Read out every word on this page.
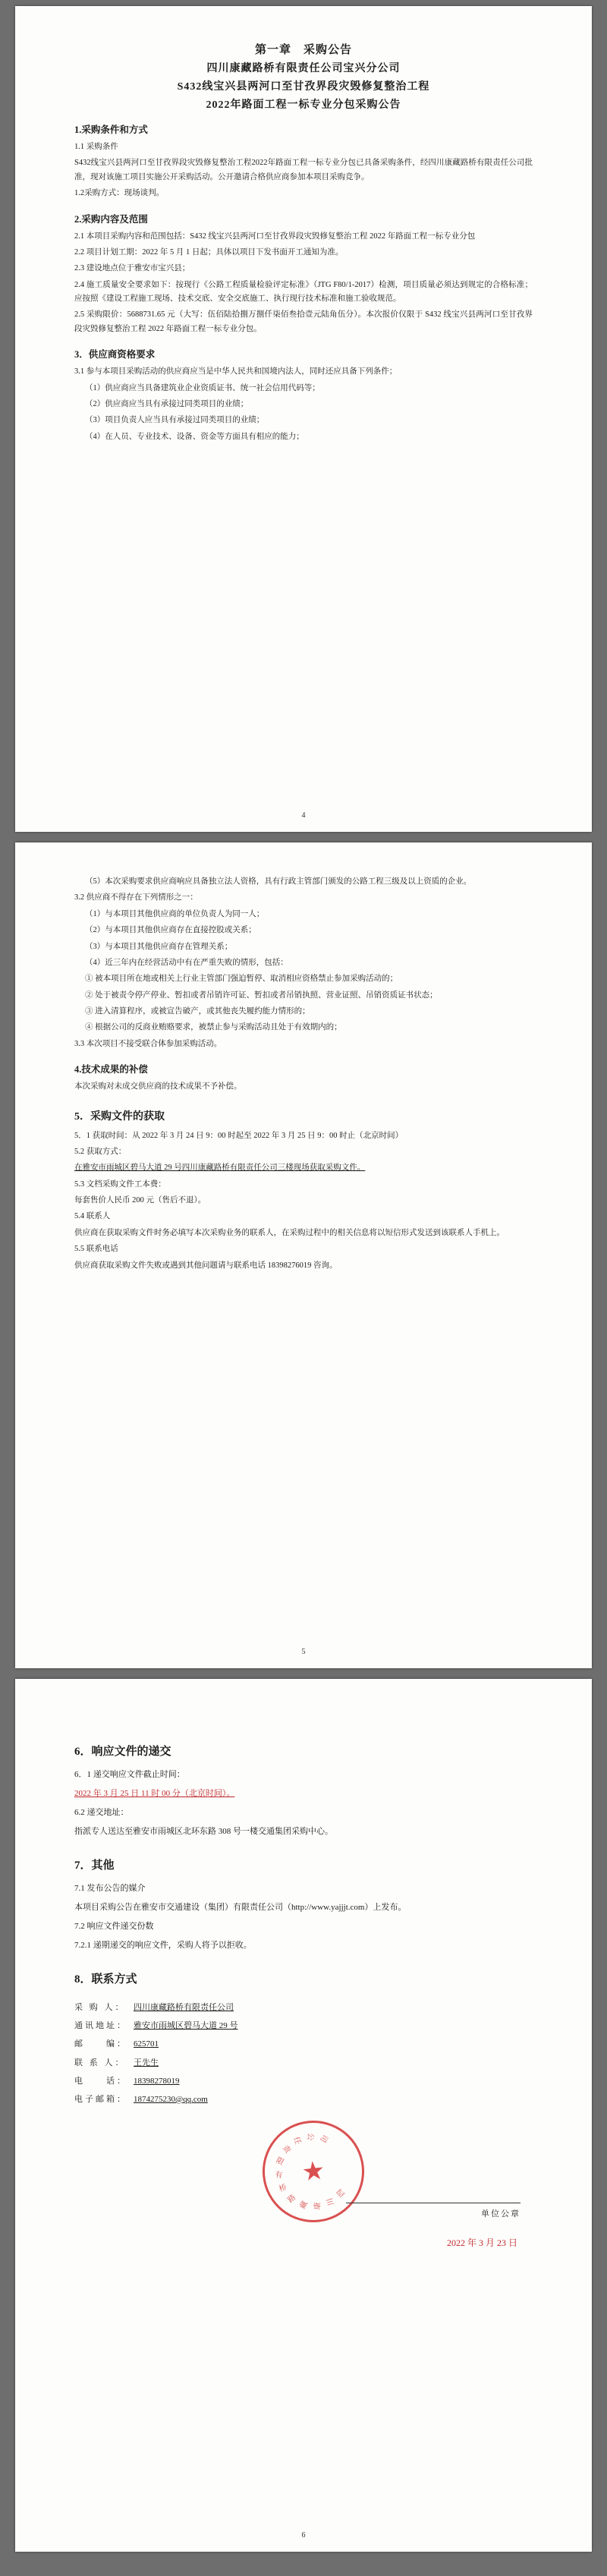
第一章　采购公告
四川康藏路桥有限责任公司宝兴分公司
S432线宝兴县两河口至甘孜界段灾毁修复整治工程
2022年路面工程一标专业分包采购公告
1.采购条件和方式

1.1 采购条件

S432线宝兴县两河口至甘孜界段灾毁修复整治工程2022年路面工程一标专业分包已具备采购条件，经四川康藏路桥有限责任公司批准，现对该施工项目实施公开采购活动。公开邀请合格供应商参加本项目采购竞争。

1.2采购方式：现场谈判。

2.采购内容及范围

2.1 本项目采购内容和范围包括：S432 线宝兴县两河口至甘孜界段灾毁修复整治工程 2022 年路面工程一标专业分包

2.2 项目计划工期：2022 年 5 月 1 日起；具体以项目下发书面开工通知为准。

2.3 建设地点位于雅安市宝兴县；

2.4 施工质量安全要求如下：按现行《公路工程质量检验评定标准》（JTG F80/1-2017）检测，项目质量必须达到规定的合格标准；应按照《建设工程施工现场、技术交底、安全交底施工、执行现行技术标准和施工验收规范。

2.5 采购限价：5688731.65 元（大写：伍佰陆拾捌万捌仟柒佰叁拾壹元陆角伍分）。本次报价仅限于 S432 线宝兴县两河口至甘孜界段灾毁修复整治工程 2022 年路面工程一标专业分包。

3．供应商资格要求

3.1 参与本项目采购活动的供应商应当是中华人民共和国境内法人，同时还应具备下列条件；

（1）供应商应当具备建筑业企业资质证书、统一社会信用代码等；

（2）供应商应当具有承接过同类项目的业绩；

（3）项目负责人应当具有承接过同类项目的业绩；

（4）在人员、专业技术、设备、资金等方面具有相应的能力；

4

（5）本次采购要求供应商响应具备独立法人资格，具有行政主管部门颁发的公路工程三级及以上资质的企业。

3.2 供应商不得存在下列情形之一：

（1）与本项目其他供应商的单位负责人为同一人；

（2）与本项目其他供应商存在直接控股或关系；

（3）与本项目其他供应商存在管理关系；

（4）近三年内在经营活动中有在严重失败的情形，包括：

① 被本项目所在地或相关上行业主管部门强迫暂停、取消相应资格禁止参加采购活动的；

② 处于被责令停产停业、暂扣或者吊销许可证、暂扣或者吊销执照、营业证照、吊销资质证书状态；

③ 进入清算程序，或被宣告破产，或其他丧失履约能力情形的；

④ 根据公司的反商业贿赂要求，被禁止参与采购活动且处于有效期内的；

3.3 本次项目不接受联合体参加采购活动。

4.技术成果的补偿

本次采购对未成交供应商的技术成果不予补偿。

5．采购文件的获取

5．1 获取时间：从 2022 年 3 月 24 日 9：00 时起至 2022 年 3 月 25 日 9：00 时止（北京时间）

5.2 获取方式：

在雅安市雨城区碧马大道 29 号四川康藏路桥有限责任公司三楼现场获取采购文件。

5.3 文档采购文件工本费：

每套售价人民币 200 元（售后不退）。

5.4 联系人

供应商在获取采购文件时务必填写本次采购业务的联系人，在采购过程中的相关信息将以短信形式发送到该联系人手机上。

5.5 联系电话

供应商获取采购文件失败或遇到其他问题请与联系电话 18398276019 咨询。

5
6．响应文件的递交

6．1 递交响应文件截止时间：

2022 年 3 月 25 日 11 时 00 分（北京时间）。

6.2 递交地址：

指派专人送达至雅安市雨城区北环东路 308 号一楼交通集团采购中心。

7．其他

7.1 发布公告的媒介

本项目采购公告在雅安市交通建设（集团）有限责任公司（http://www.yajjjt.com）上发布。

7.2 响应文件递交份数

7.2.1 递期递交的响应文件，采购人将予以拒收。

8．联系方式
采 购 人： 四川康藏路桥有限责任公司
通讯地址： 雅安市雨城区碧马大道 29 号
邮　　编： 625701
联 系 人： 王先生
电　　话： 18398278019
电子邮箱： 1874275230@qq.com
四
川
康
藏
路
桥
有
限
责
任 公 司
★
单位公章
2022 年 3 月 23 日
6
